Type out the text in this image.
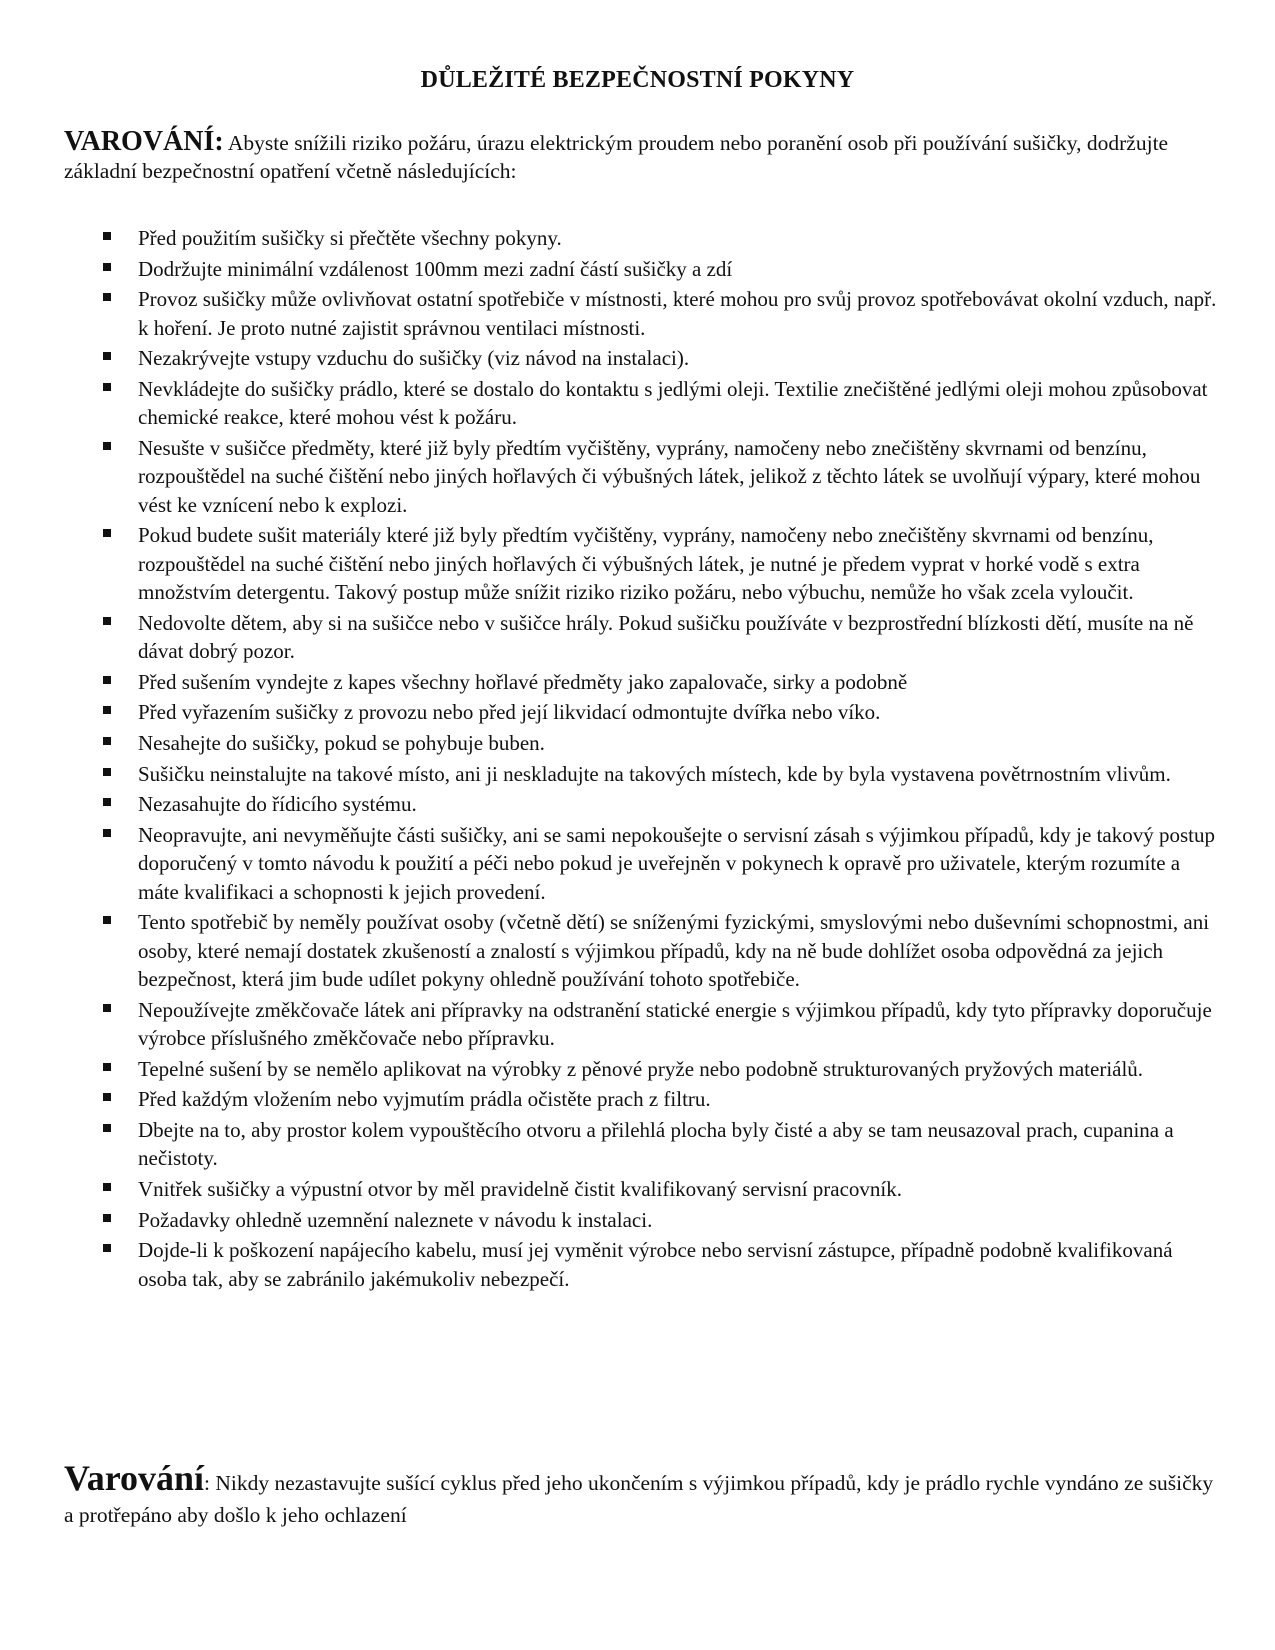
DŮLEŽITÉ BEZPEČNOSTNÍ POKYNY

VAROVÁNÍ: Abyste snížili riziko požáru, úrazu elektrickým proudem nebo poranění osob při používání sušičky, dodržujte základní bezpečnostní opatření včetně následujících:

Před použitím sušičky si přečtěte všechny pokyny.
Dodržujte minimální vzdálenost 100mm mezi zadní částí sušičky a zdí
Provoz sušičky může ovlivňovat ostatní spotřebiče v místnosti, které mohou pro svůj provoz spotřebovávat okolní vzduch, např. k hoření. Je proto nutné zajistit správnou ventilaci místnosti.
Nezakrývejte vstupy vzduchu do sušičky (viz návod na instalaci).
Nevkládejte do sušičky prádlo, které se dostalo do kontaktu s jedlými oleji. Textilie znečištěné jedlými oleji mohou způsobovat chemické reakce, které mohou vést k požáru.
Nesušte v sušičce předměty, které již byly předtím vyčištěny, vyprány, namočeny nebo znečištěny skvrnami od benzínu, rozpouštědel na suché čištění nebo jiných hořlavých či výbušných látek, jelikož z těchto látek se uvolňují výpary, které mohou vést ke vznícení nebo k explozi.
Pokud budete sušit materiály které již byly předtím vyčištěny, vyprány, namočeny nebo znečištěny skvrnami od benzínu, rozpouštědel na suché čištění nebo jiných hořlavých či výbušných látek, je nutné je předem vyprat v horké vodě s extra množstvím detergentu. Takový postup může snížit riziko riziko požáru, nebo výbuchu, nemůže ho však zcela vyloučit.
Nedovolte dětem, aby si na sušičce nebo v sušičce hrály. Pokud sušičku používáte v bezprostřední blízkosti dětí, musíte na ně dávat dobrý pozor.
Před sušením vyndejte z kapes všechny hořlavé předměty jako zapalovače, sirky a podobně
Před vyřazením sušičky z provozu nebo před její likvidací odmontujte dvířka nebo víko.
Nesahejte do sušičky, pokud se pohybuje buben.
Sušičku neinstalujte na takové místo, ani ji neskladujte na takových místech, kde by byla vystavena povětrnostním vlivům.
Nezasahujte do řídicího systému.
Neopravujte, ani nevyměňujte části sušičky, ani se sami nepokoušejte o servisní zásah s výjimkou případů, kdy je takový postup doporučený v tomto návodu k použití a péči nebo pokud je uveřejněn v pokynech k opravě pro uživatele, kterým rozumíte a máte kvalifikaci a schopnosti k jejich provedení.
Tento spotřebič by neměly používat osoby (včetně dětí) se sníženými fyzickými, smyslovými nebo duševními schopnostmi, ani osoby, které nemají dostatek zkušeností a znalostí s výjimkou případů, kdy na ně bude dohlížet osoba odpovědná za jejich bezpečnost, která jim bude udílet pokyny ohledně používání tohoto spotřebiče.
Nepoužívejte změkčovače látek ani přípravky na odstranění statické energie s výjimkou případů, kdy tyto přípravky doporučuje výrobce příslušného změkčovače nebo přípravku.
Tepelné sušení by se nemělo aplikovat na výrobky z pěnové pryže nebo podobně strukturovaných pryžových materiálů.
Před každým vložením nebo vyjmutím prádla očistěte prach z filtru.
Dbejte na to, aby prostor kolem vypouštěcího otvoru a přilehlá plocha byly čisté a aby se tam neusazoval prach, cupanina a nečistoty.
Vnitřek sušičky a výpustní otvor by měl pravidelně čistit kvalifikovaný servisní pracovník.
Požadavky ohledně uzemnění naleznete v návodu k instalaci.
Dojde-li k poškození napájecího kabelu, musí jej vyměnit výrobce nebo servisní zástupce, případně podobně kvalifikovaná osoba tak, aby se zabránilo jakémukoliv nebezpečí.

Varování: Nikdy nezastavujte sušící cyklus před jeho ukončením s výjimkou případů, kdy je prádlo rychle vyndáno ze sušičky a protřepáno aby došlo k jeho ochlazení
